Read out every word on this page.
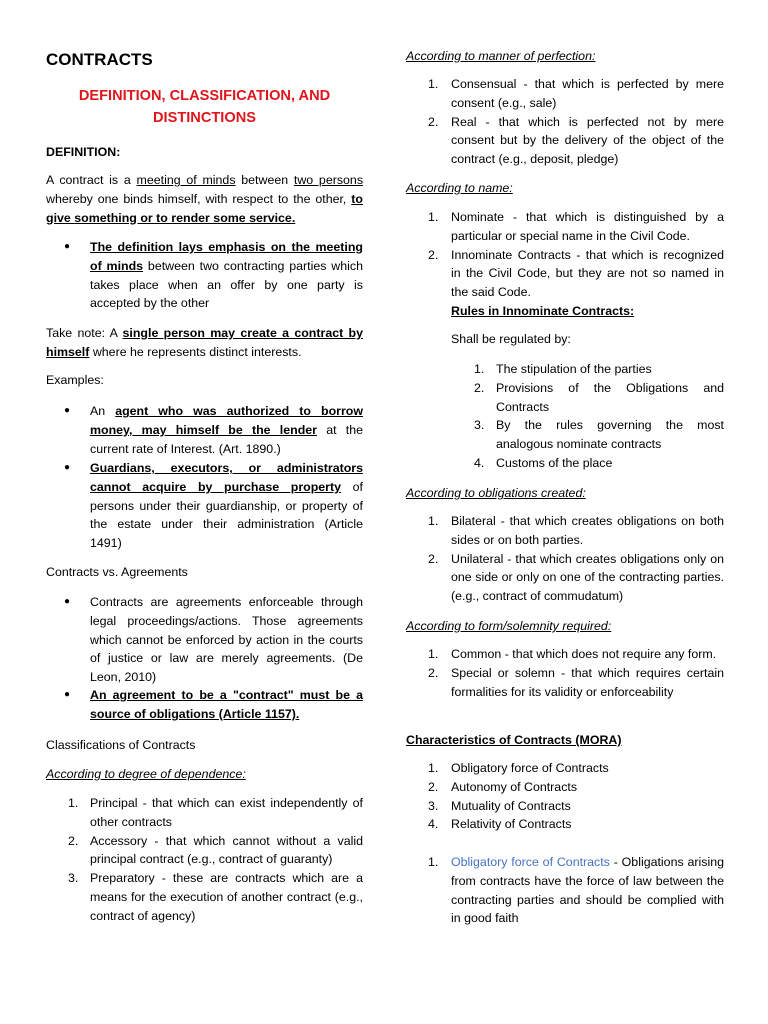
CONTRACTS
DEFINITION, CLASSIFICATION, AND
DISTINCTIONS
DEFINITION:

A contract is a meeting of minds between two persons whereby one binds himself, with respect to the other, to give something or to render some service.

● The definition lays emphasis on the meeting of minds between two contracting parties which takes place when an offer by one party is accepted by the other

Take note: A single person may create a contract by himself where he represents distinct interests.

Examples:
● An agent who was authorized to borrow money, may himself be the lender at the current rate of Interest. (Art. 1890.)

● Guardians, executors, or administrators cannot acquire by purchase property of persons under their guardianship, or property of the estate under their administration (Article 1491)

Contracts vs. Agreements
● Contracts are agreements enforceable through legal proceedings/actions. Those agreements which cannot be enforced by action in the courts of justice or law are merely agreements. (De Leon, 2010)

● An agreement to be a "contract" must be a source of obligations (Article 1157).

Classifications of Contracts
According to degree of dependence:
1. Principal - that which can exist independently of other contracts

2. Accessory - that which cannot without a valid principal contract (e.g., contract of guaranty)

3. Preparatory - these are contracts which are a means for the execution of another contract (e.g., contract of agency)

According to manner of perfection:
1. Consensual - that which is perfected by mere consent (e.g., sale)

2. Real - that which is perfected not by mere consent but by the delivery of the object of the contract (e.g., deposit, pledge)

According to name:
1. Nominate - that which is distinguished by a particular or special name in the Civil Code.

2. Innominate Contracts - that which is recognized in the Civil Code, but they are not so named in the said Code.

Rules in Innominate Contracts:
Shall be regulated by:
1. The stipulation of the parties

2. Provisions of the Obligations and Contracts

3. By the rules governing the most analogous nominate contracts

4. Customs of the place

According to obligations created:
1. Bilateral - that which creates obligations on both sides or on both parties.

2. Unilateral - that which creates obligations only on one side or only on one of the contracting parties. (e.g., contract of commudatum)

According to form/solemnity required:
1. Common - that which does not require any form.

2. Special or solemn - that which requires certain formalities for its validity or enforceability

Characteristics of Contracts (MORA)
1. Obligatory force of Contracts

2. Autonomy of Contracts

3. Mutuality of Contracts

4. Relativity of Contracts

1. Obligatory force of Contracts - Obligations arising from contracts have the force of law between the contracting parties and should be complied with in good faith
